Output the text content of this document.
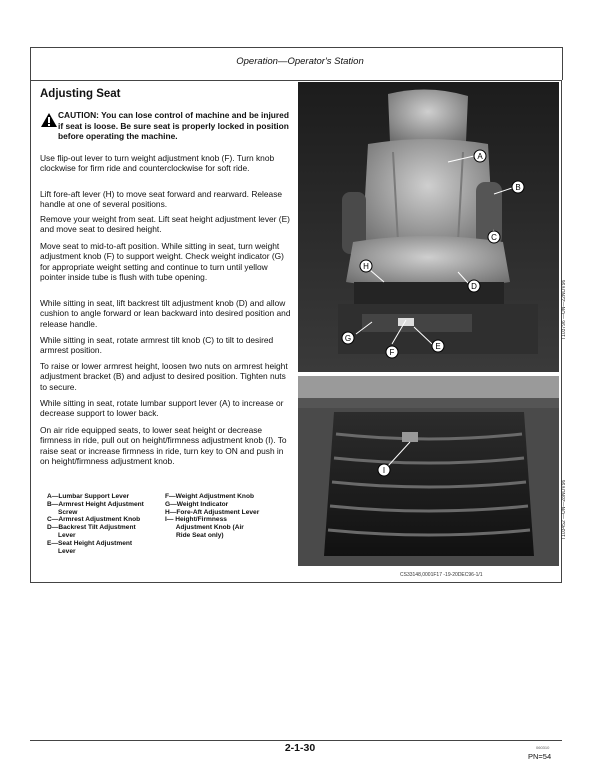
Operation—Operator's Station
Adjusting Seat
CAUTION: You can lose control of machine and be injured if seat is loose. Be sure seat is properly locked in position before operating the machine.
Use flip-out lever to turn weight adjustment knob (F). Turn knob clockwise for firm ride and counterclockwise for soft ride.
Lift fore-aft lever (H) to move seat forward and rearward. Release handle at one of several positions.
Remove your weight from seat. Lift seat height adjustment lever (E) and move seat to desired height.
Move seat to mid-to-aft position. While sitting in seat, turn weight adjustment knob (F) to support weight. Check weight indicator (G) for appropriate weight setting and continue to turn until yellow pointer inside tube is flush with tube opening.
While sitting in seat, lift backrest tilt adjustment knob (D) and allow cushion to angle forward or lean backward into desired position and release handle.
While sitting in seat, rotate armrest tilt knob (C) to tilt to desired armrest position.
To raise or lower armrest height, loosen two nuts on armrest height adjustment bracket (B) and adjust to desired position. Tighten nuts to secure.
While sitting in seat, rotate lumbar support lever (A) to increase or decrease support to lower back.
On air ride equipped seats, to lower seat height or decrease firmness in ride, pull out on height/firmness adjustment knob (I). To raise seat or increase firmness in ride, turn key to ON and push in on height/firmness adjustment knob.
A—Lumbar Support Lever
B—Armrest Height Adjustment
Screw
C—Armrest Adjustment Knob
D—Backrest Tilt Adjustment
Lever
E—Seat Height Adjustment
Lever
F—Weight Adjustment Knob
G—Weight Indicator
H—Fore-Aft Adjustment Lever
I— Height/Firmness
Adjustment Knob (Air
Ride Seat only)
A
B
C
D
E
F
G
H
T103796 —UN—22NOV96
I
T103452 —UN—28NOV96
CS33148,0001F17 -19-20DEC96-1/1
2-1-30	060310
PN=54
